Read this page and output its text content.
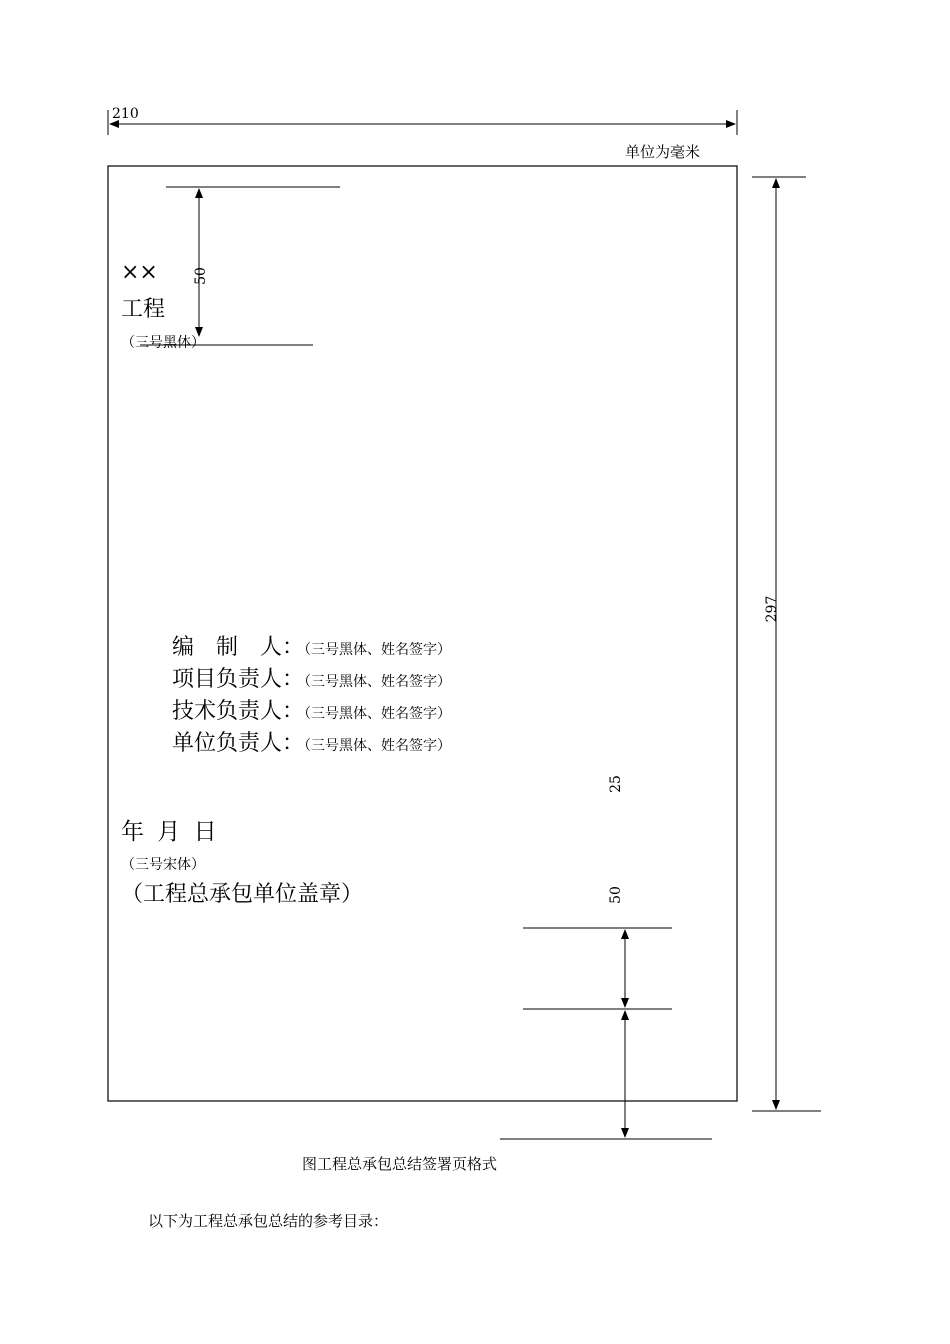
210
单位为毫米
297
50
25
50
××
工程
（三号黑体）
编　制　人：（三号黑体、姓名签字）
项目负责人：（三号黑体、姓名签字）
技术负责人：（三号黑体、姓名签字）
单位负责人：（三号黑体、姓名签字）
年 月 日
（三号宋体）
（工程总承包单位盖章）
图工程总承包总结签署页格式
以下为工程总承包总结的参考目录：
